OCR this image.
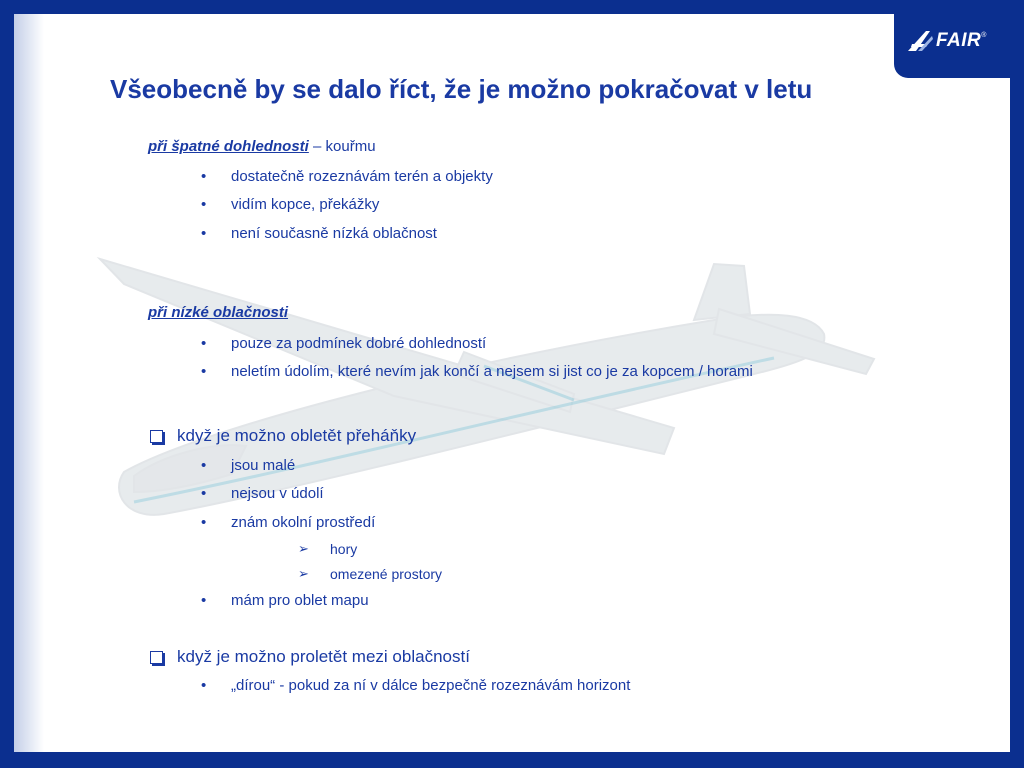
FAIR ®
Všeobecně by se dalo říct, že je možno pokračovat v letu
při špatné dohlednosti – kouřmu
•	dostatečně rozeznávám terén a objekty
•	vidím kopce, překážky
•	není současně nízká oblačnost
při nízké oblačnosti
•	pouze za podmínek dobré dohledností
•	neletím údolím, které nevím jak končí a nejsem si jist co je za kopcem / horami
když je možno obletět přeháňky
•	jsou malé
•	nejsou v údolí
•	znám okolní prostředí
➢	hory
➢	omezené prostory
•	mám pro oblet mapu
když je možno proletět mezi oblačností
•	„dírou“ - pokud za ní v dálce bezpečně rozeznávám horizont
